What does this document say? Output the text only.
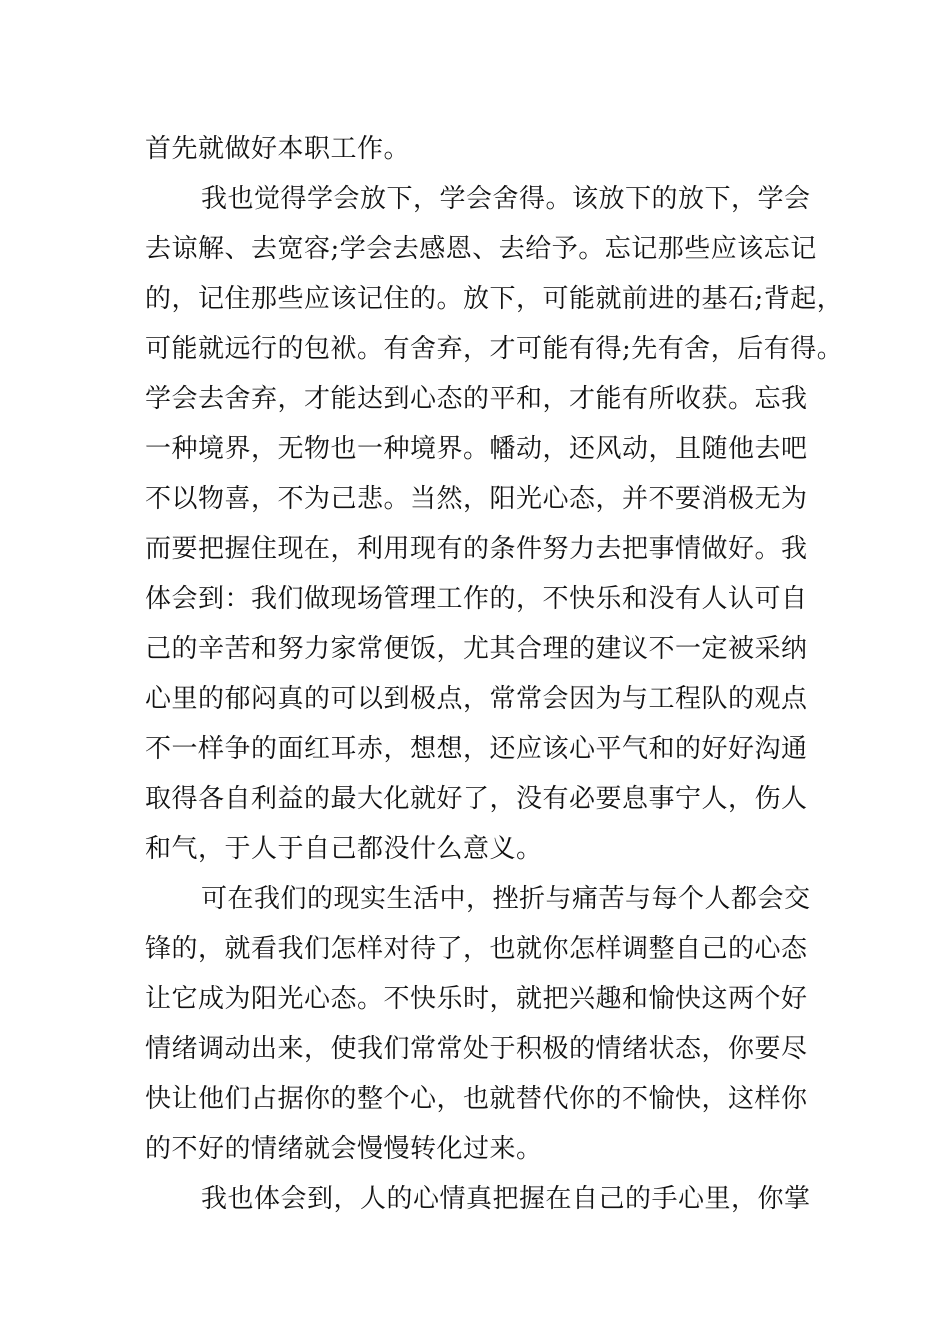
首先就做好本职工作。
我也觉得学会放下，学会舍得。该放下的放下，学会
去谅解、去宽容;学会去感恩、去给予。忘记那些应该忘记
的，记住那些应该记住的。放下，可能就前进的基石;背起，
可能就远行的包袱。有舍弃，才可能有得;先有舍，后有得。
学会去舍弃，才能达到心态的平和，才能有所收获。忘我
一种境界，无物也一种境界。幡动，还风动，且随他去吧
不以物喜，不为己悲。当然，阳光心态，并不要消极无为
而要把握住现在，利用现有的条件努力去把事情做好。我
体会到：我们做现场管理工作的，不快乐和没有人认可自
己的辛苦和努力家常便饭，尤其合理的建议不一定被采纳
心里的郁闷真的可以到极点，常常会因为与工程队的观点
不一样争的面红耳赤，想想，还应该心平气和的好好沟通
取得各自利益的最大化就好了，没有必要息事宁人，伤人
和气，于人于自己都没什么意义。
可在我们的现实生活中，挫折与痛苦与每个人都会交
锋的，就看我们怎样对待了，也就你怎样调整自己的心态
让它成为阳光心态。不快乐时，就把兴趣和愉快这两个好
情绪调动出来，使我们常常处于积极的情绪状态，你要尽
快让他们占据你的整个心，也就替代你的不愉快，这样你
的不好的情绪就会慢慢转化过来。
我也体会到，人的心情真把握在自己的手心里，你掌
